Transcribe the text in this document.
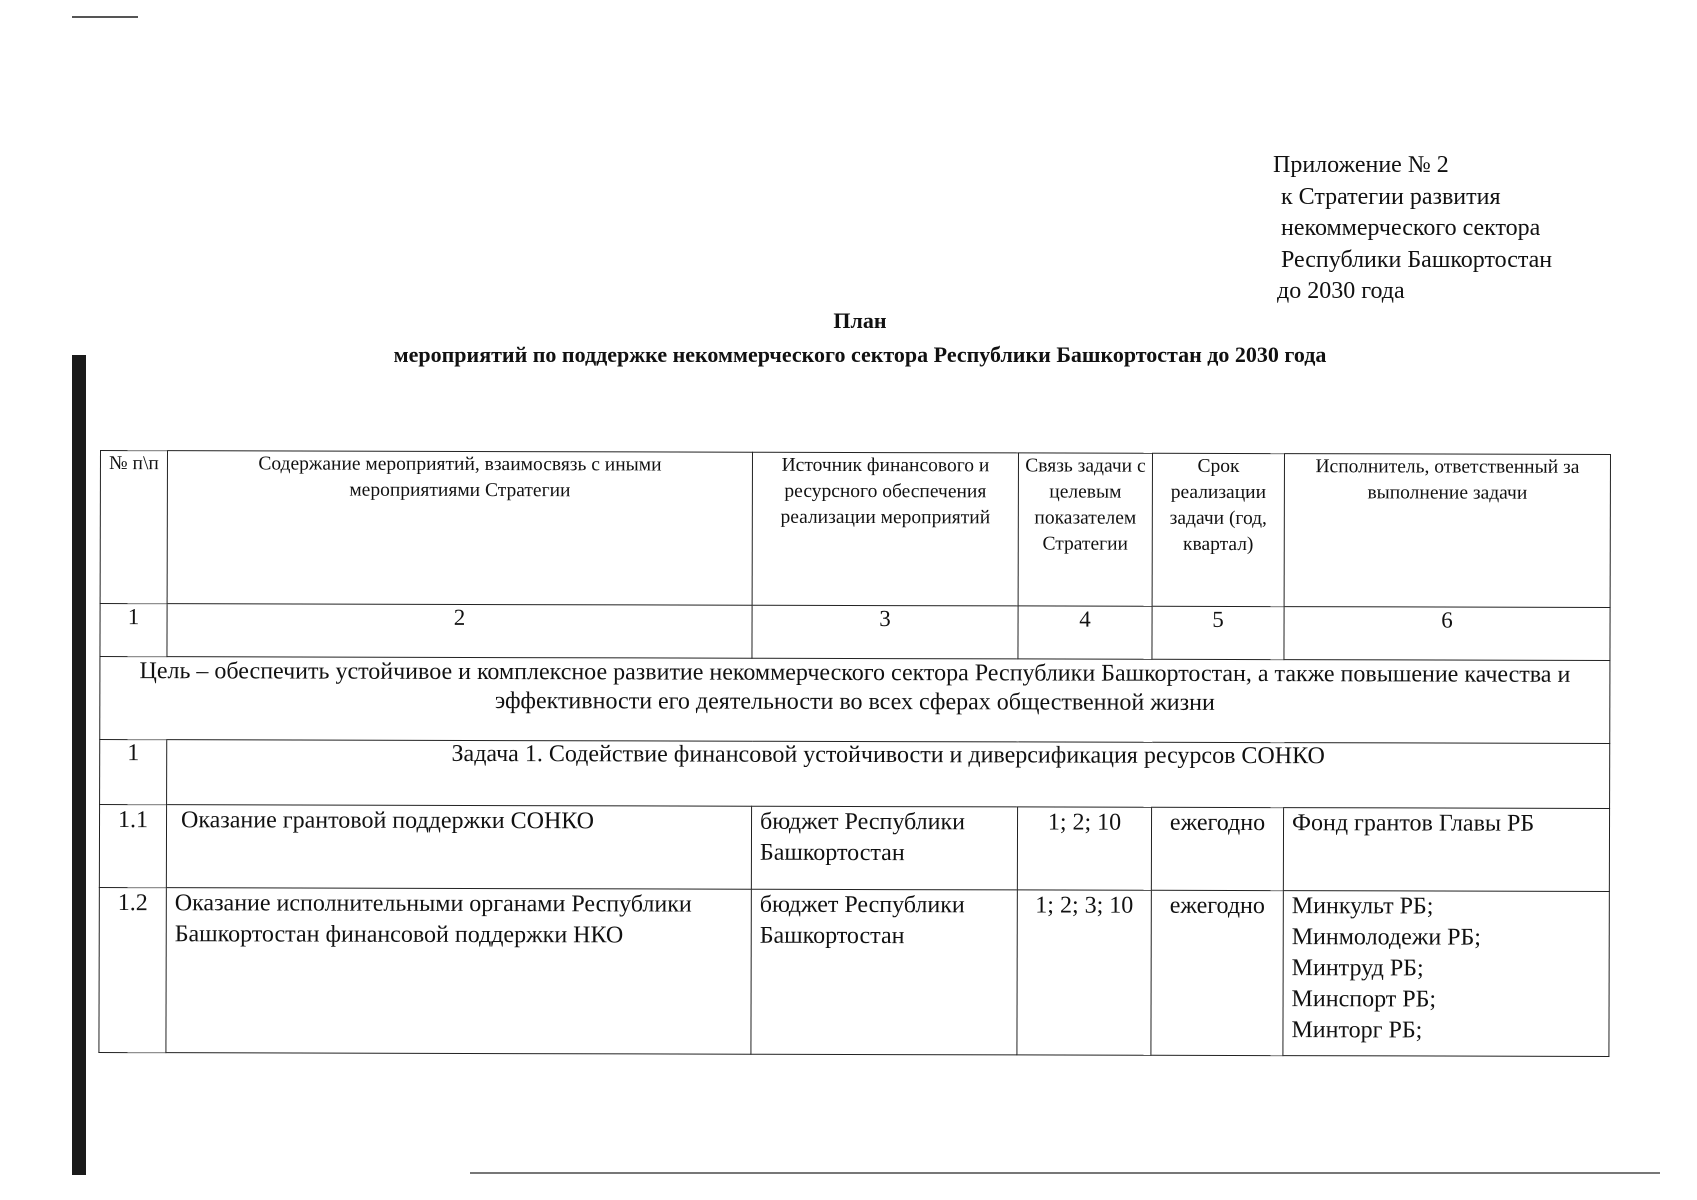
Приложение № 2
к Стратегии развития
некоммерческого сектора
Республики Башкортостан
до 2030 года
План
мероприятий по поддержке некоммерческого сектора Республики Башкортостан до 2030 года
№ п\п	Содержание мероприятий, взаимосвязь с иными мероприятиями Стратегии	Источник финансового и ресурсного обеспечения реализации мероприятий	Связь задачи с целевым показателем Стратегии	Срок реализации задачи (год, квартал)	Исполнитель, ответственный за выполнение задачи
1	2	3	4	5	6
Цель – обеспечить устойчивое и комплексное развитие некоммерческого сектора Республики Башкортостан, а также повышение качества и эффективности его деятельности во всех сферах общественной жизни					
1	Задача 1. Содействие финансовой устойчивости и диверсификация ресурсов СОНКО				
1.1	Оказание грантовой поддержки СОНКО	бюджет Республики Башкортостан	1; 2; 10	ежегодно	Фонд грантов Главы РБ

1.2	Оказание исполнительными органами Республики Башкортостан финансовой поддержки НКО	бюджет Республики Башкортостан	1; 2; 3; 10	ежегодно	Минкульт РБ;
Минмолодежи РБ;
Минтруд РБ;
Минспорт РБ;
Минторг РБ;
